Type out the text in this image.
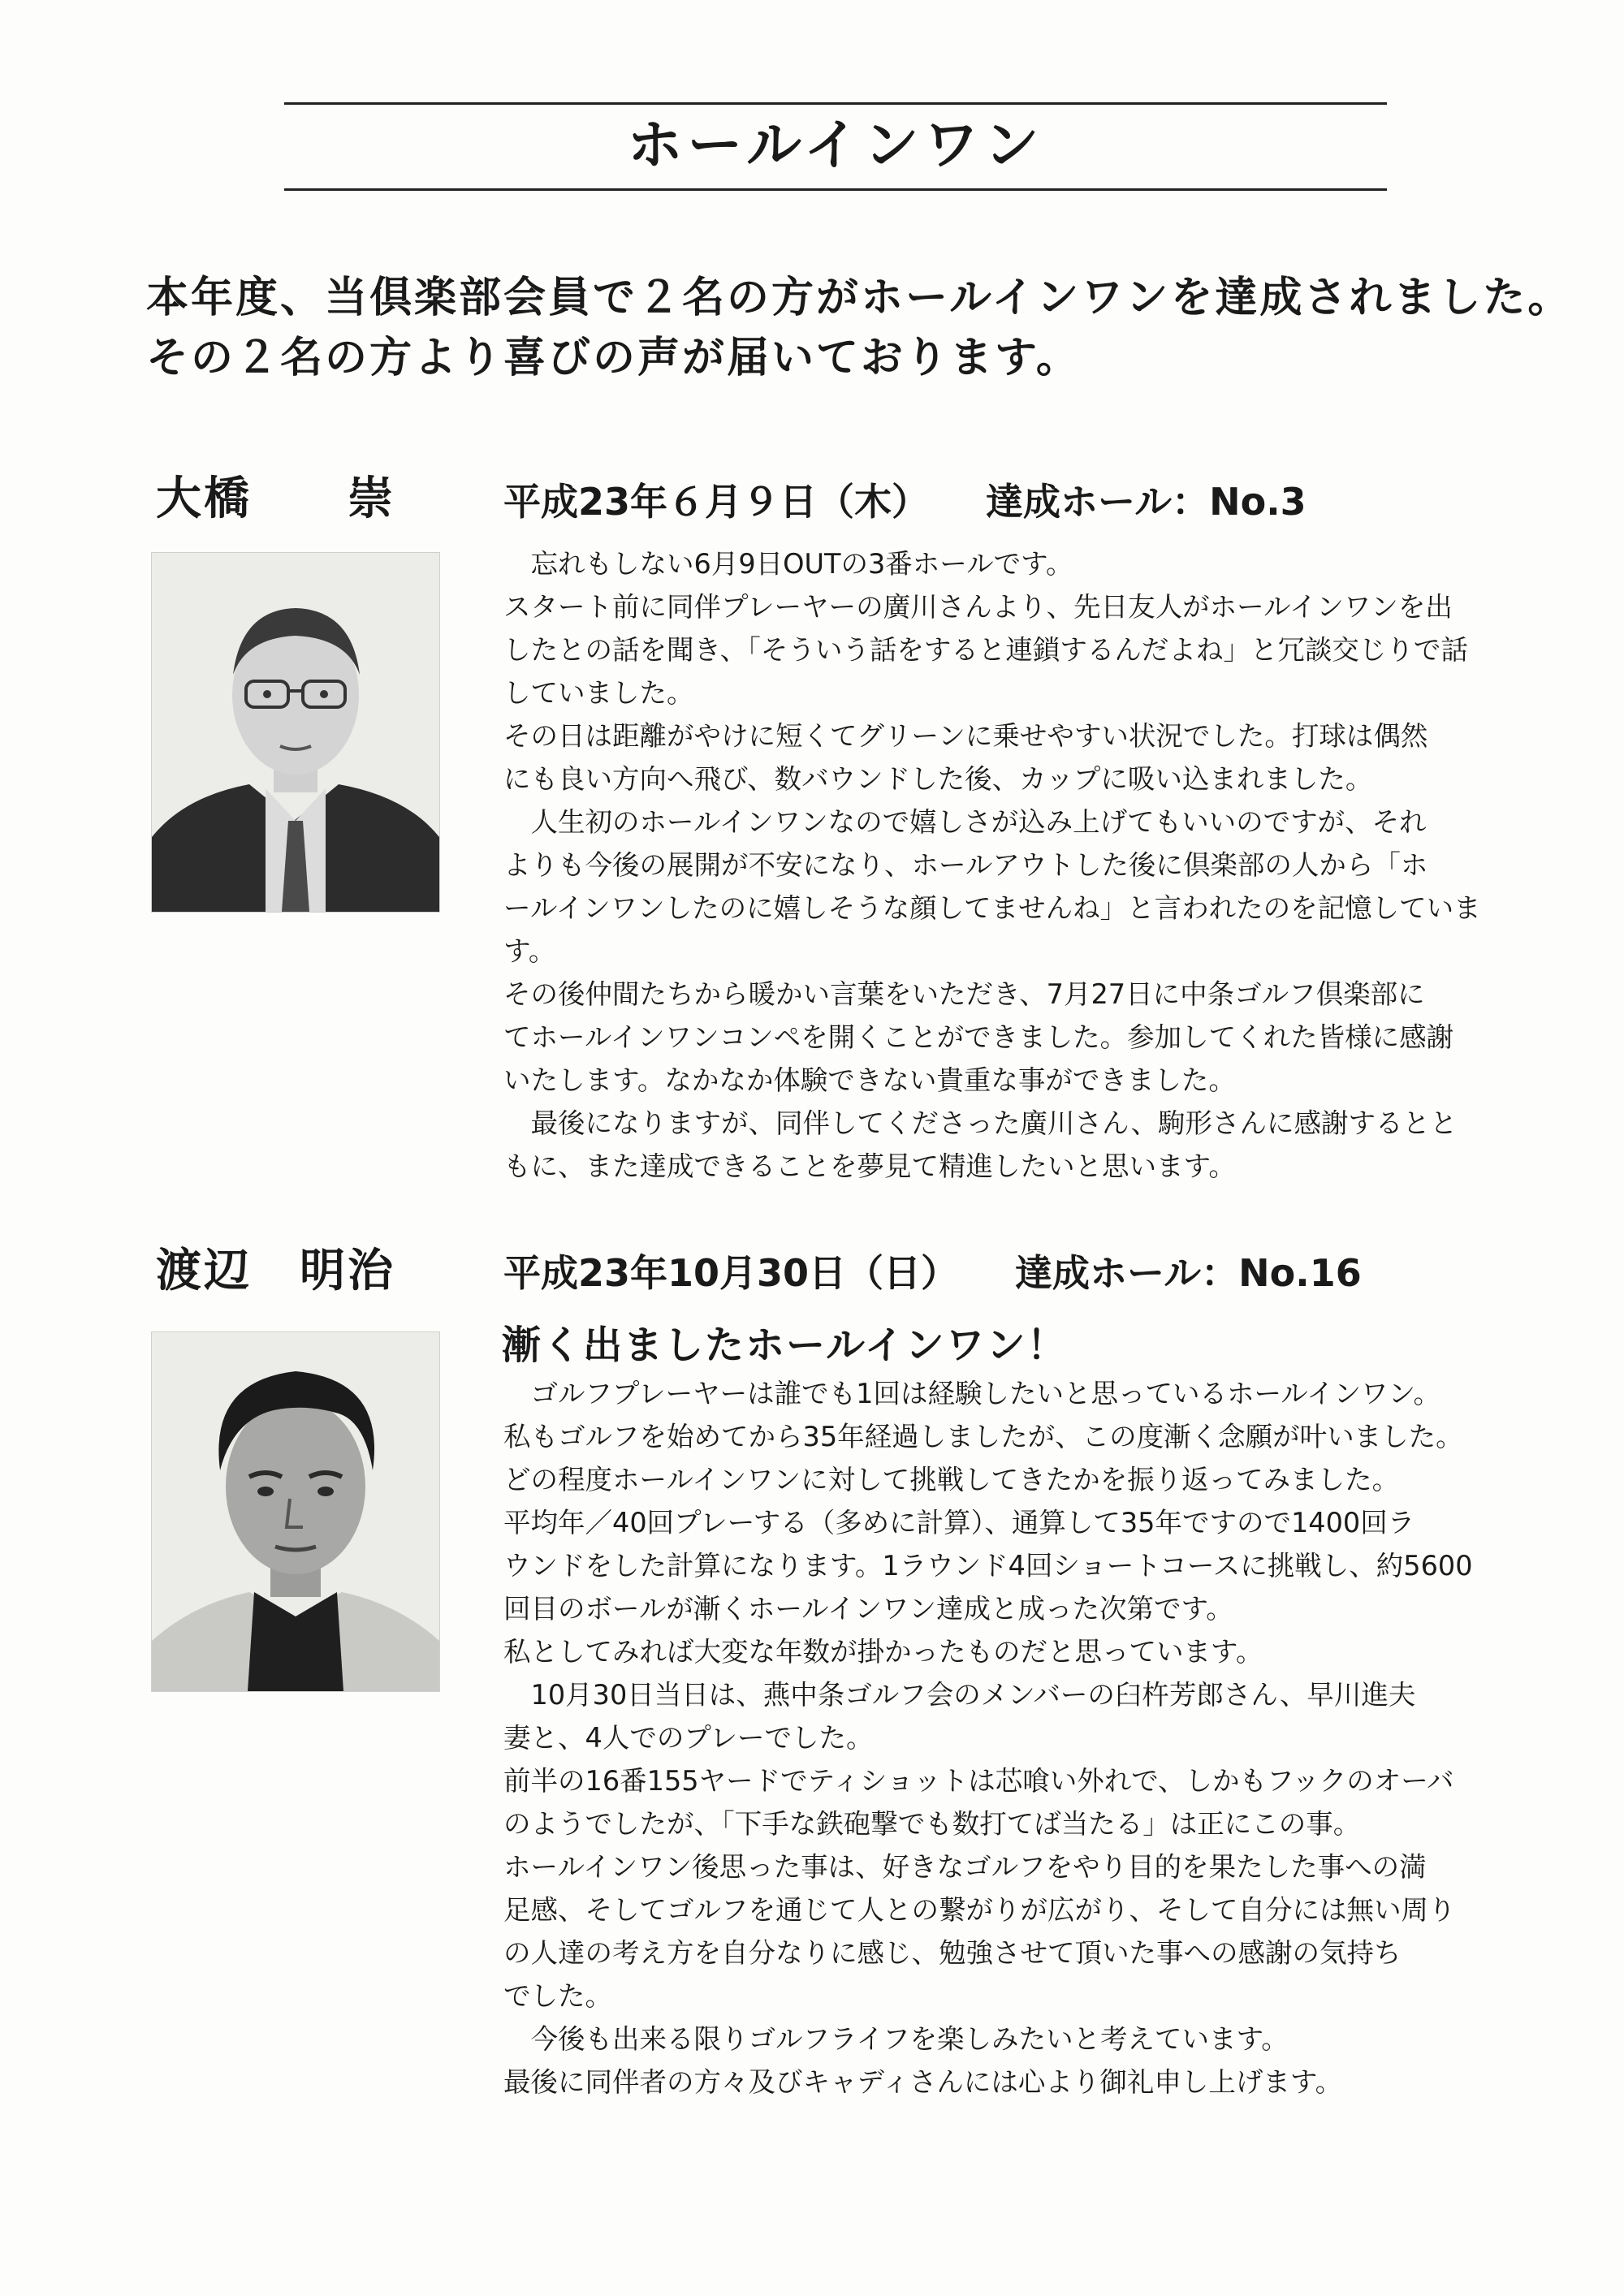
ホールインワン
本年度、当倶楽部会員で２名の方がホールインワンを達成されました。
その２名の方より喜びの声が届いております。
大橋　　崇	平成23年６月９日（木） 達成ホール：No.3
　忘れもしない6月9日OUTの3番ホールです。
スタート前に同伴プレーヤーの廣川さんより、先日友人がホールインワンを出
したとの話を聞き、「そういう話をすると連鎖するんだよね」と冗談交じりで話
していました。
その日は距離がやけに短くてグリーンに乗せやすい状況でした。打球は偶然
にも良い方向へ飛び、数バウンドした後、カップに吸い込まれました。
　人生初のホールインワンなので嬉しさが込み上げてもいいのですが、それ
よりも今後の展開が不安になり、ホールアウトした後に倶楽部の人から「ホ
ールインワンしたのに嬉しそうな顔してませんね」と言われたのを記憶していま
す。
その後仲間たちから暖かい言葉をいただき、7月27日に中条ゴルフ倶楽部に
てホールインワンコンペを開くことができました。参加してくれた皆様に感謝
いたします。なかなか体験できない貴重な事ができました。
　最後になりますが、同伴してくださった廣川さん、駒形さんに感謝するとと
もに、また達成できることを夢見て精進したいと思います。
渡辺　明治	平成23年10月30日（日） 達成ホール：No.16
漸く出ましたホールインワン！
　ゴルフプレーヤーは誰でも1回は経験したいと思っているホールインワン。
私もゴルフを始めてから35年経過しましたが、この度漸く念願が叶いました。
どの程度ホールインワンに対して挑戦してきたかを振り返ってみました。
平均年／40回プレーする（多めに計算）、通算して35年ですので1400回ラ
ウンドをした計算になります。1ラウンド4回ショートコースに挑戦し、約5600
回目のボールが漸くホールインワン達成と成った次第です。
私としてみれば大変な年数が掛かったものだと思っています。
　10月30日当日は、燕中条ゴルフ会のメンバーの臼杵芳郎さん、早川進夫
妻と、4人でのプレーでした。
前半の16番155ヤードでティショットは芯喰い外れで、しかもフックのオーバ
のようでしたが、「下手な鉄砲撃でも数打てば当たる」は正にこの事。
ホールインワン後思った事は、好きなゴルフをやり目的を果たした事への満
足感、そしてゴルフを通じて人との繋がりが広がり、そして自分には無い周り
の人達の考え方を自分なりに感じ、勉強させて頂いた事への感謝の気持ち
でした。
　今後も出来る限りゴルフライフを楽しみたいと考えています。
最後に同伴者の方々及びキャディさんには心より御礼申し上げます。
